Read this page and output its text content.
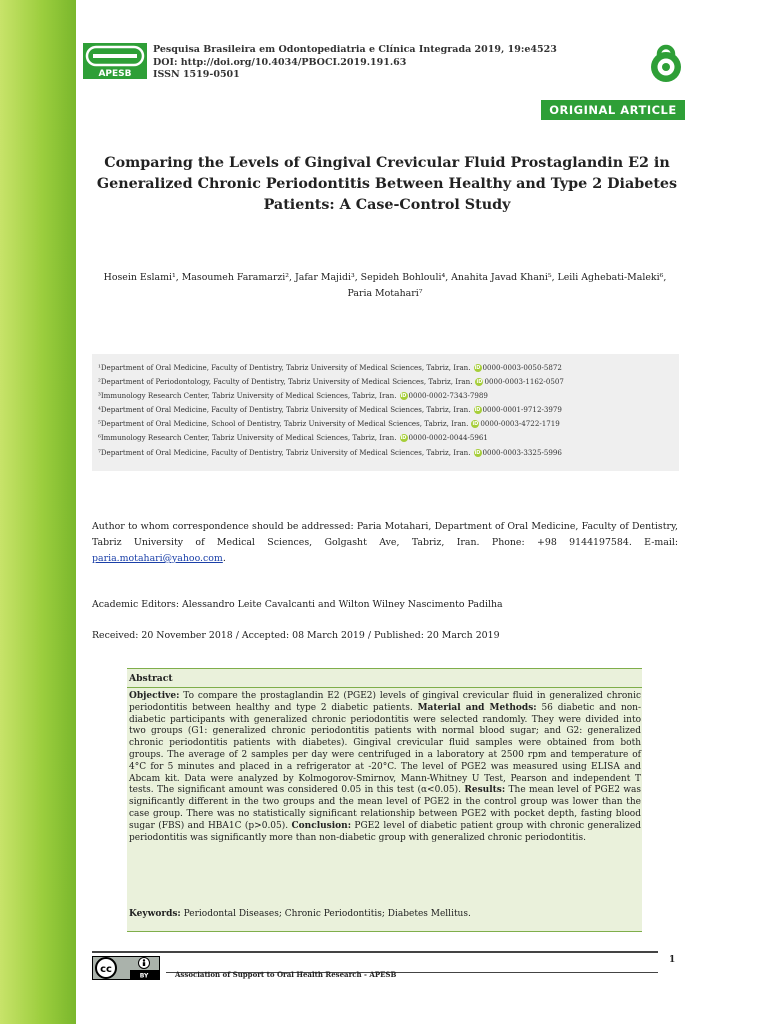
APESB
Pesquisa Brasileira em Odontopediatria e Clínica Integrada 2019, 19:e4523
DOI: http://doi.org/10.4034/PBOCI.2019.191.63
ISSN 1519-0501
ORIGINAL ARTICLE
Comparing the Levels of Gingival Crevicular Fluid Prostaglandin E2 in Generalized Chronic Periodontitis Between Healthy and Type 2 Diabetes Patients: A Case-Control Study
Hosein Eslami¹, Masoumeh Faramarzi², Jafar Majidi³, Sepideh Bohlouli⁴, Anahita Javad Khani⁵, Leili Aghebati-Maleki⁶, Paria Motahari⁷
¹Department of Oral Medicine, Faculty of Dentistry, Tabriz University of Medical Sciences, Tabriz, Iran. iD 0000-0003-0050-5872
²Department of Periodontology, Faculty of Dentistry, Tabriz University of Medical Sciences, Tabriz, Iran. iD 0000-0003-1162-0507
³Immunology Research Center, Tabriz University of Medical Sciences, Tabriz, Iran. iD 0000-0002-7343-7989
⁴Department of Oral Medicine, Faculty of Dentistry, Tabriz University of Medical Sciences, Tabriz, Iran. iD 0000-0001-9712-3979
⁵Department of Oral Medicine, School of Dentistry, Tabriz University of Medical Sciences, Tabriz, Iran. iD 0000-0003-4722-1719
⁶Immunology Research Center, Tabriz University of Medical Sciences, Tabriz, Iran. iD 0000-0002-0044-5961
⁷Department of Oral Medicine, Faculty of Dentistry, Tabriz University of Medical Sciences, Tabriz, Iran. iD 0000-0003-3325-5996
Author to whom correspondence should be addressed: Paria Motahari, Department of Oral Medicine, Faculty of Dentistry, Tabriz University of Medical Sciences, Golgasht Ave, Tabriz, Iran. Phone: +98 9144197584. E-mail: paria.motahari@yahoo.com.
Academic Editors: Alessandro Leite Cavalcanti and Wilton Wilney Nascimento Padilha
Received: 20 November 2018 / Accepted: 08 March 2019 / Published: 20 March 2019
Abstract
Objective: To compare the prostaglandin E2 (PGE2) levels of gingival crevicular fluid in generalized chronic periodontitis between healthy and type 2 diabetic patients. Material and Methods: 56 diabetic and non-diabetic participants with generalized chronic periodontitis were selected randomly. They were divided into two groups (G1: generalized chronic periodontitis patients with normal blood sugar; and G2: generalized chronic periodontitis patients with diabetes). Gingival crevicular fluid samples were obtained from both groups. The average of 2 samples per day were centrifuged in a laboratory at 2500 rpm and temperature of 4°C for 5 minutes and placed in a refrigerator at -20°C. The level of PGE2 was measured using ELISA and Abcam kit. Data were analyzed by Kolmogorov-Smirnov, Mann-Whitney U Test, Pearson and independent T tests. The significant amount was considered 0.05 in this test (α<0.05). Results: The mean level of PGE2 was significantly different in the two groups and the mean level of PGE2 in the control group was lower than the case group. There was no statistically significant relationship between PGE2 with pocket depth, fasting blood sugar (FBS) and HBA1C (p>0.05). Conclusion: PGE2 level of diabetic patient group with chronic generalized periodontitis was significantly more than non-diabetic group with generalized chronic periodontitis.
Keywords: Periodontal Diseases; Chronic Periodontitis; Diabetes Mellitus.
1
cc
BY	Association of Support to Oral Health Research - APESB
